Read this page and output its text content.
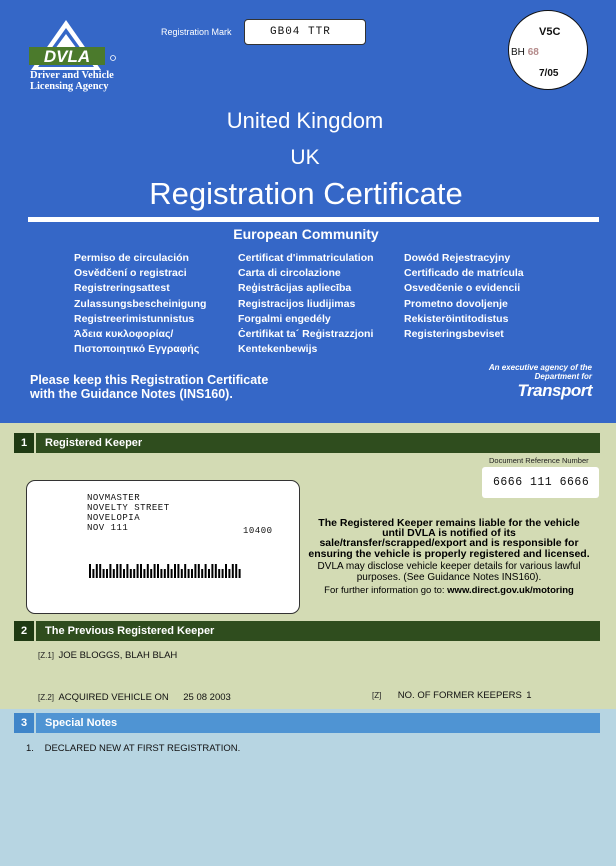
DVLA
Driver and Vehicle
Licensing Agency
Registration Mark	GB04 TTR	V5C
BH 68
7/05
United Kingdom
UK
Registration Certificate
European Community
Permiso de circulación
Osvědčení o registraci
Registreringsattest
Zulassungsbescheinigung
Registreerimistunnistus
Άδεια κυκλοφορίας/
Πιστοποιητικό Εγγραφής
Certificat d'immatriculation
Carta di circolazione
Reģistrācijas apliecība
Registracijos liudijimas
Forgalmi engedély
Ċertifikat ta´ Reġistrazzjoni
Kentekenbewijs
Dowód Rejestracyjny
Certificado de matrícula
Osvedčenie o evidencii
Prometno dovoljenje
Rekisteröintitodistus
Registeringsbeviset
Please keep this Registration Certificate
with the Guidance Notes (INS160).
An executive agency of the
Department for
Transport
1	Registered Keeper
Document Reference Number
6666 111 6666
NOVMASTER
NOVELTY STREET
NOVELOPIA
NOV 111	10400
The Registered Keeper remains liable for the vehicle until DVLA is notified of its sale/transfer/scrapped/export and is responsible for ensuring the vehicle is properly registered and licensed.
DVLA may disclose vehicle keeper details for various lawful purposes. (See Guidance Notes INS160).
For further information go to: www.direct.gov.uk/motoring
2	The Previous Registered Keeper
[Z.1] JOE BLOGGS, BLAH BLAH
[Z.2] ACQUIRED VEHICLE ON 25 08 2003	[Z] NO. OF FORMER KEEPERS 1
3	Special Notes
1. DECLARED NEW AT FIRST REGISTRATION.
